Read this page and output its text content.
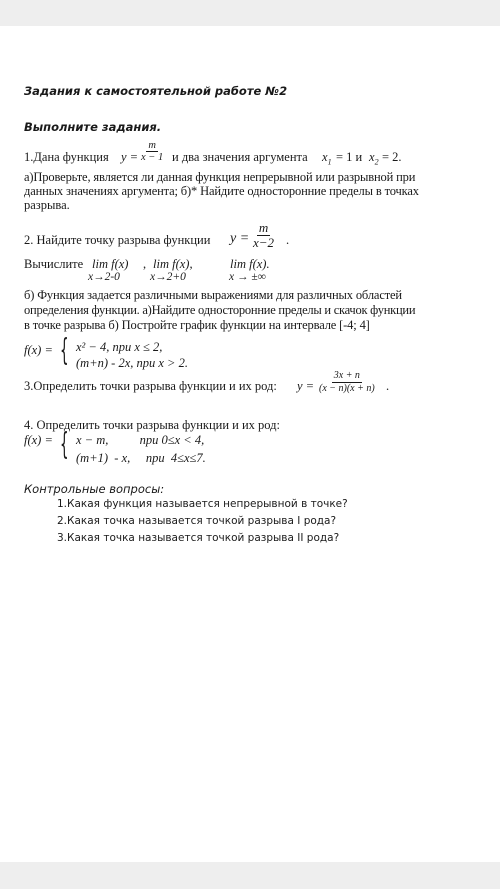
Задания к самостоятельной работе №2
Выполните задания.
1.Дана функция $y = \frac{m}{x - 1}$ и два значения аргумента $x_1 = 1$ и $x_2 = 2$.
а)Проверьте, является ли данная функция непрерывной или разрывной при
данных значениях аргумента; б)* Найдите односторонние пределы в точках
разрыва.
2. Найдите точку разрыва функции $y = \frac{m}{x-2}$ .
Вычислите lim f(x) , lim f(x),	lim f(x).
x→2-0	x→2+0	x → ±∞
б) Функция задается различными выражениями для различных областей
определения функции. а)Найдите односторонние пределы и скачок функции
в точке разрыва б) Постройте график функции на интервале [-4; 4]
f(x) = { x² − 4, при x ≤ 2,
(m+n) - 2x, при x > 2.
3.Определить точки разрыва функции и их род: $y = \frac{3x + n}{(x - n)(x + n)}$ .
4. Определить точки разрыва функции и их род:
f(x) = { x − m,          при 0≤x < 4,
(m+1)  - x,     при  4≤x≤7.
Контрольные вопросы:
1.Какая функция называется непрерывной в точке?
2.Какая точка называется точкой разрыва I рода?
3.Какая точка называется точкой разрыва II рода?
